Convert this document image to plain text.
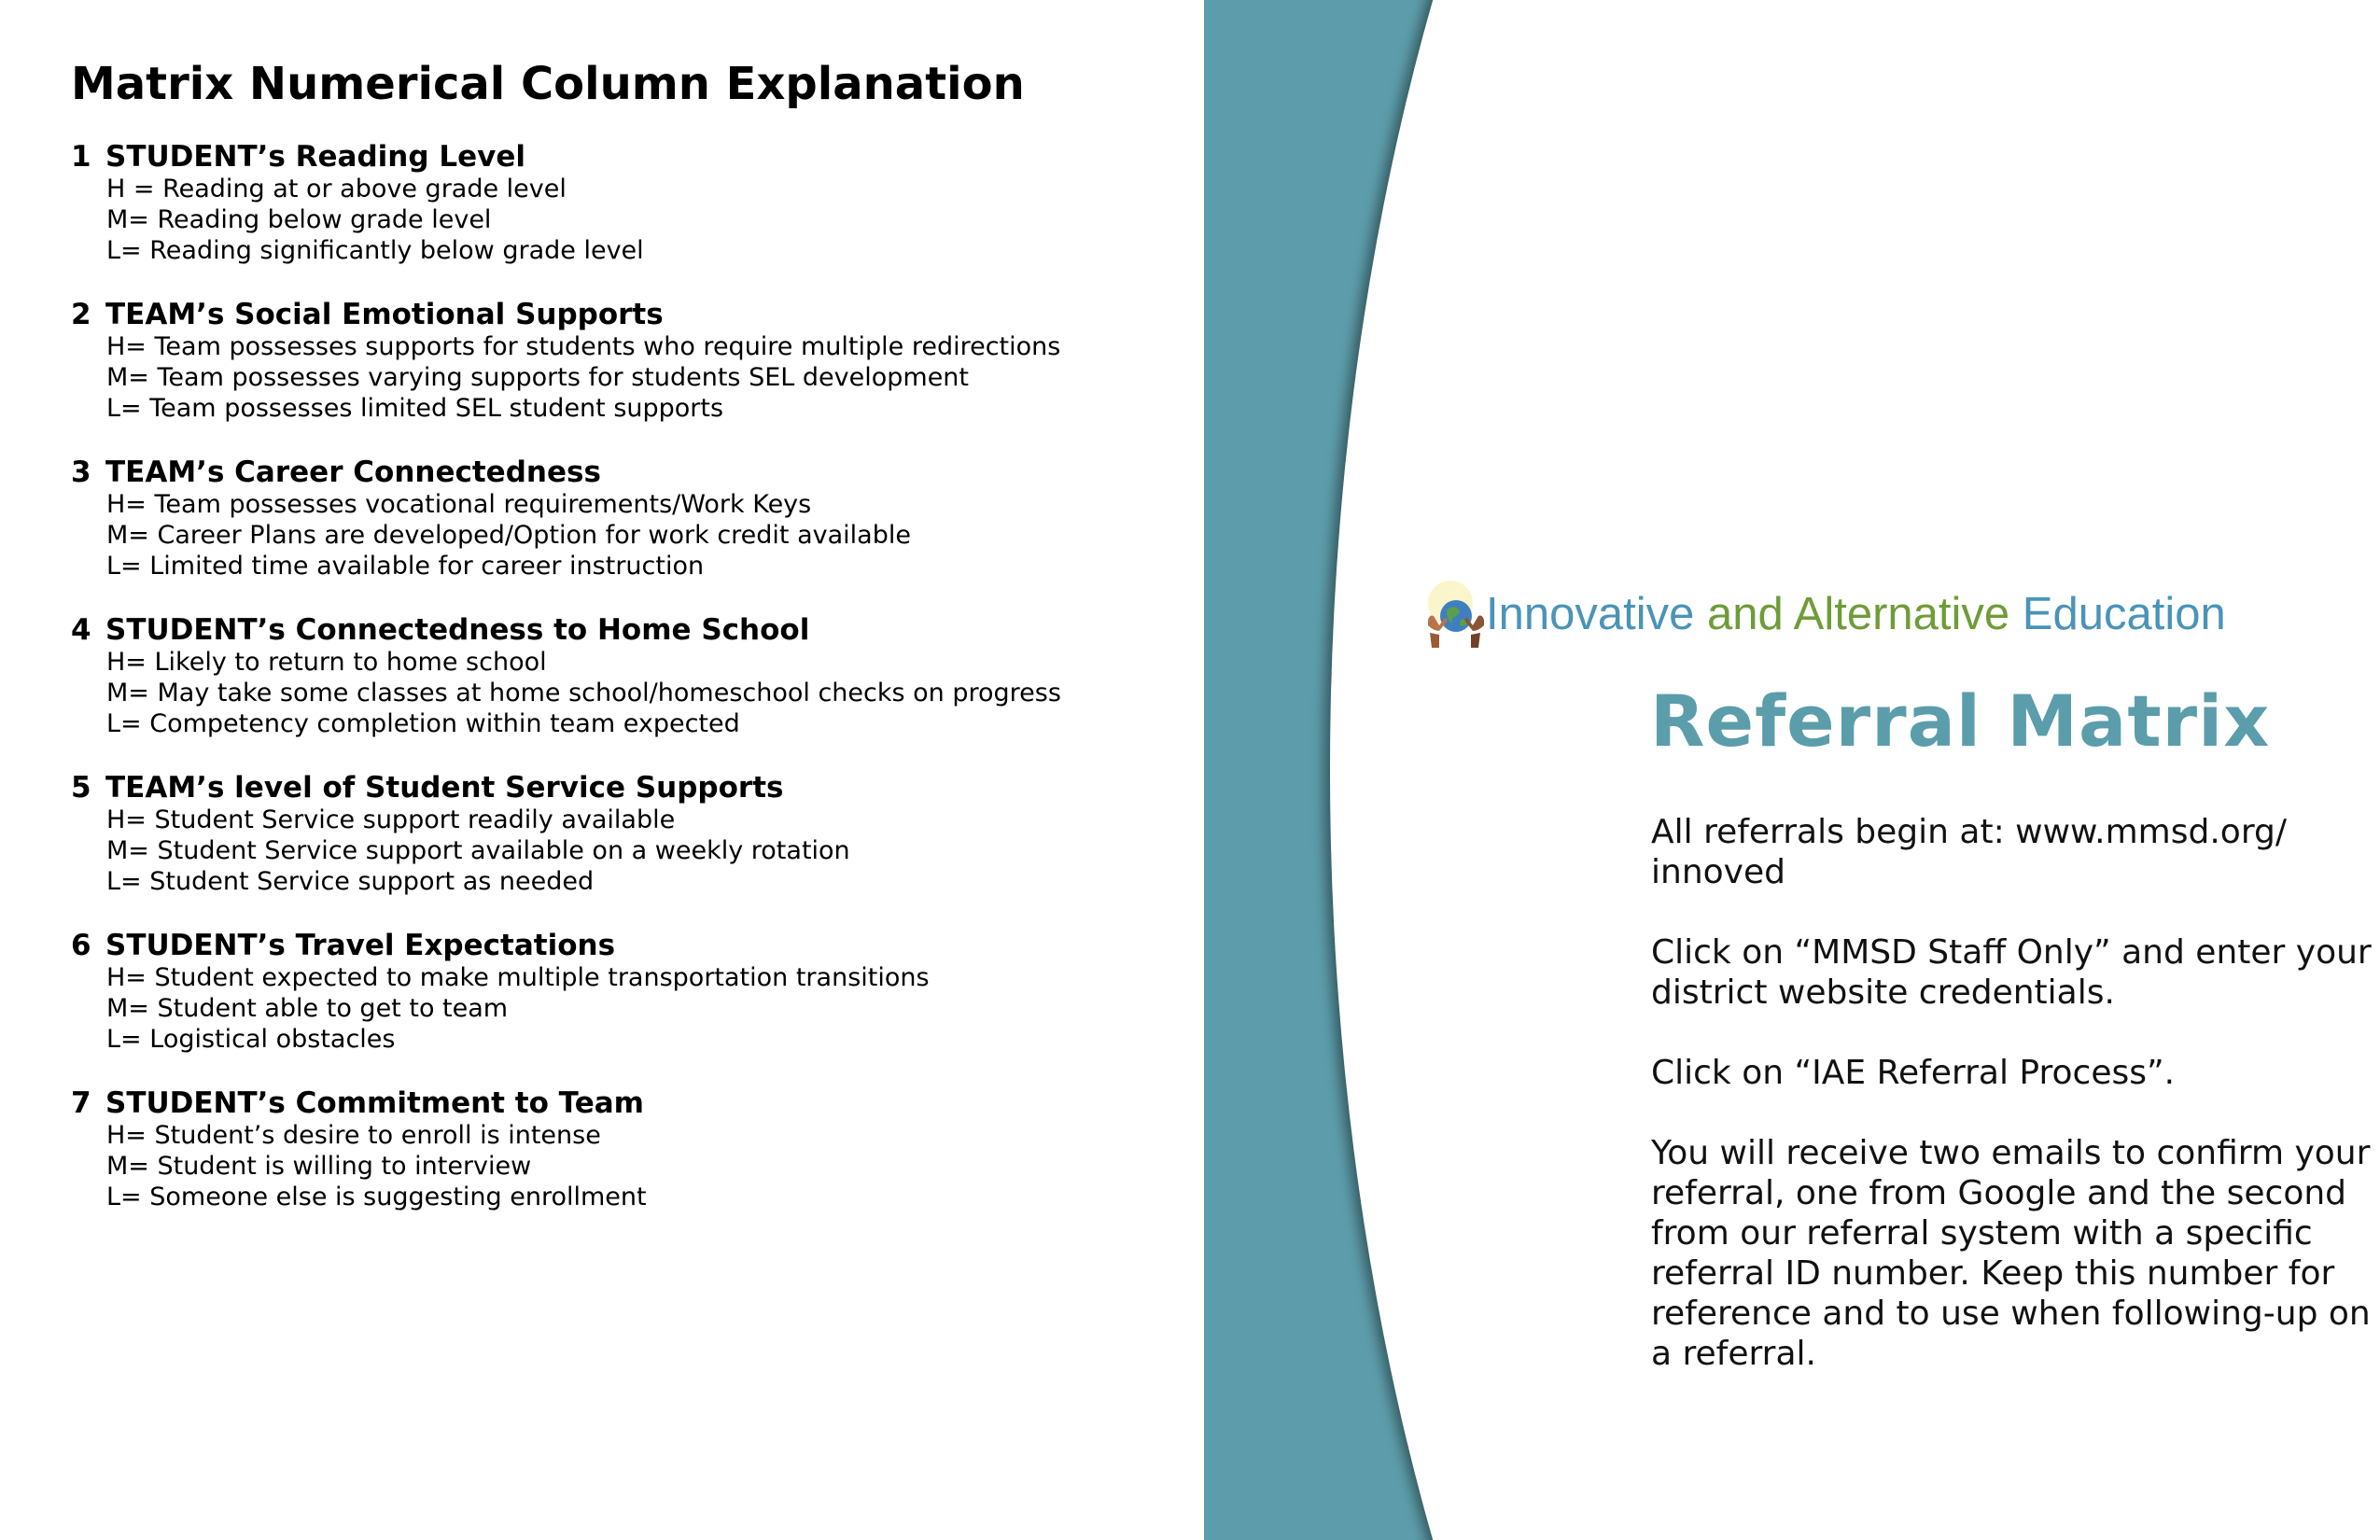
Matrix Numerical Column Explanation
1 STUDENT’s Reading Level
H = Reading at or above grade level
M= Reading below grade level
L= Reading significantly below grade level
2 TEAM’s Social Emotional Supports
H= Team possesses supports for students who require multiple redirections
M= Team possesses varying supports for students SEL development
L= Team possesses limited SEL student supports
3 TEAM’s Career Connectedness
H= Team possesses vocational requirements/Work Keys
M= Career Plans are developed/Option for work credit available
L= Limited time available for career instruction
4 STUDENT’s Connectedness to Home School
H= Likely to return to home school
M= May take some classes at home school/homeschool checks on progress
L= Competency completion within team expected
5 TEAM’s level of Student Service Supports
H= Student Service support readily available
M= Student Service support available on a weekly rotation
L= Student Service support as needed
6 STUDENT’s Travel Expectations
H= Student expected to make multiple transportation transitions
M= Student able to get to team
L= Logistical obstacles
7 STUDENT’s Commitment to Team
H= Student’s desire to enroll is intense
M= Student is willing to interview
L= Someone else is suggesting enrollment
Innovative and Alternative Education
Referral Matrix

All referrals begin at: www.mmsd.org/ innoved

Click on “MMSD Staff Only” and enter your district website credentials.

Click on “IAE Referral Process”.

You will receive two emails to confirm your referral, one from Google and the second from our referral system with a specific referral ID number. Keep this number for reference and to use when following-up on a referral.
